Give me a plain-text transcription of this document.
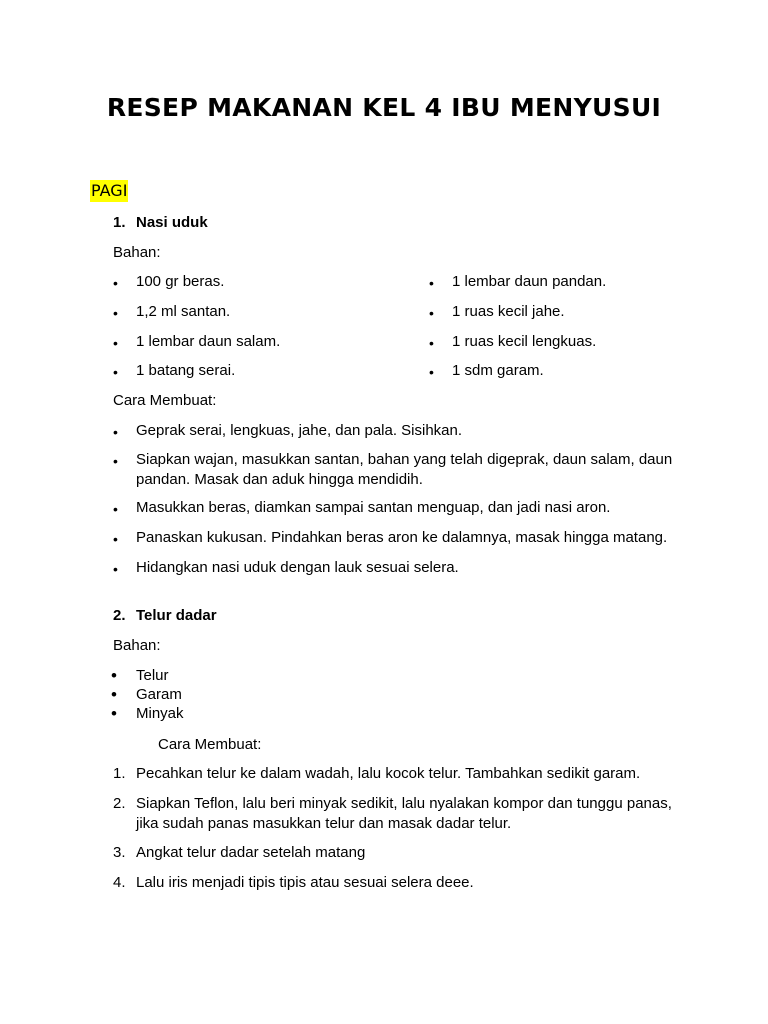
RESEP MAKANAN KEL 4 IBU MENYUSUI
PAGI
1. Nasi uduk
Bahan:
• 100 gr beras.
• 1,2 ml santan.
• 1 lembar daun salam.
• 1 batang serai.
• 1 lembar daun pandan.
• 1 ruas kecil jahe.
• 1 ruas kecil lengkuas.
• 1 sdm garam.
Cara Membuat:
• Geprak serai, lengkuas, jahe, dan pala. Sisihkan.
• Siapkan wajan, masukkan santan, bahan yang telah digeprak, daun salam, daun pandan. Masak dan aduk hingga mendidih.
• Masukkan beras, diamkan sampai santan menguap, dan jadi nasi aron.
• Panaskan kukusan. Pindahkan beras aron ke dalamnya, masak hingga matang.
• Hidangkan nasi uduk dengan lauk sesuai selera.
2. Telur dadar
Bahan:
• Telur
• Garam
• Minyak
Cara Membuat:
1. Pecahkan telur ke dalam wadah, lalu kocok telur. Tambahkan sedikit garam.
2. Siapkan Teflon, lalu beri minyak sedikit, lalu nyalakan kompor dan tunggu panas, jika sudah panas masukkan telur dan masak dadar telur.
3. Angkat telur dadar setelah matang
4. Lalu iris menjadi tipis tipis atau sesuai selera deee.
